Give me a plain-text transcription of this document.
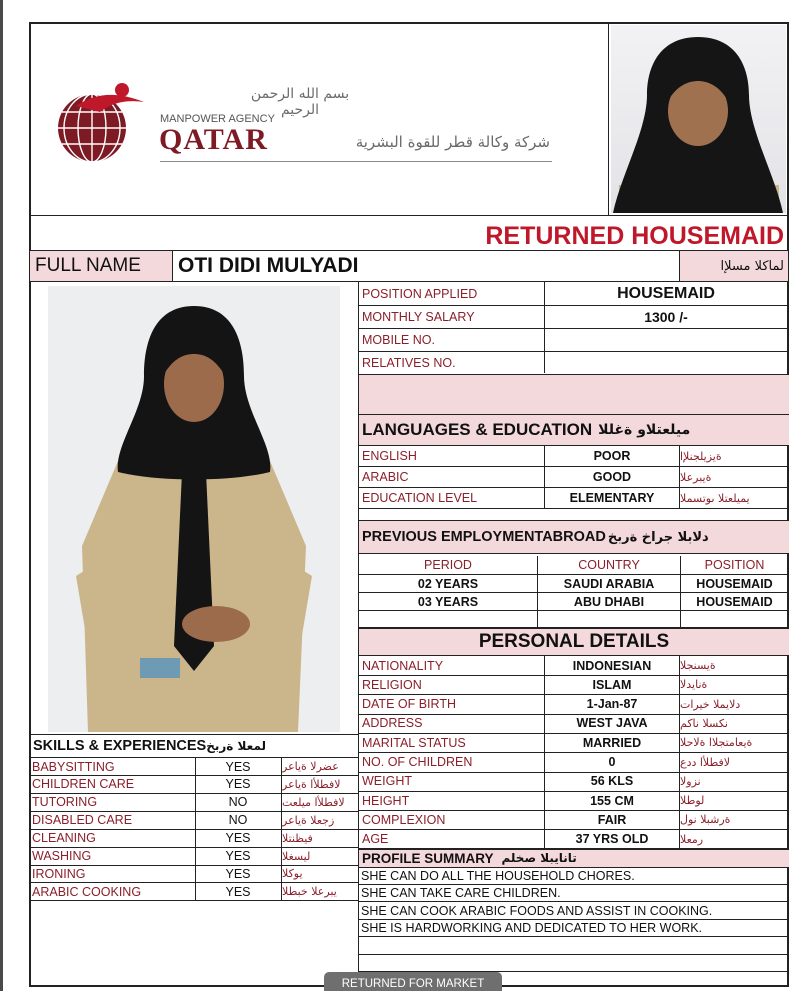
بسم الله الرحمن الرحيم
MANPOWER AGENCY
QATAR	شركة وكالة قطر للقوة البشرية
RETURNED HOUSEMAID
FULL NAME	OTI DIDI MULYADI	لماكلا مسلإا
LANGUAGES & EDUCATION ميلعتلاو ةغللا
PREVIOUS EMPLOYMENTABROAD دلابلا جراخ ةربخ
PERSONAL DETAILS
SKILLS & EXPERIENCES لمعلا ةربخ
PROFILE SUMMARY تانايبلا صخلم
RETURNED FOR MARKET
POSITION APPLIED	HOUSEMAID
MONTHLY SALARY	1300 /-
MOBILE NO.
RELATIVES NO.
ENGLISH	POOR	ةيزيلجنلإا
ARABIC	GOOD	ةيبرعلا
EDUCATION LEVEL	ELEMENTARY	يميلعتلا ىوتسملا
PERIOD	COUNTRY	POSITION
02 YEARS	SAUDI ARABIA	HOUSEMAID
03 YEARS	ABU DHABI	HOUSEMAID
NATIONALITY	INDONESIAN	ةيسنجلا
RELIGION	ISLAM	ةنايدلا
DATE OF BIRTH	1-Jan-87	دلايملا خيرات
ADDRESS	WEST JAVA	نكسلا ناكم
MARITAL STATUS	MARRIED	ةيعامتجلاا ةلاحلا
NO. OF CHILDREN	0	لافطلأا ددع
WEIGHT	56 KLS	نزولا
HEIGHT	155 CM	لوطلا
COMPLEXION	FAIR	ةرشبلا نول
AGE	37 YRS OLD	رمعلا
BABYSITTING	YES	عضرلا ةياعر
CHILDREN CARE	YES	لافطلأا ةياعر
TUTORING	NO	لافطلأا ميلعت
DISABLED CARE	NO	زجعلا ةياعر
CLEANING	YES	فيظنتلا
WASHING	YES	ليسغلا
IRONING	YES	يوكلا
ARABIC COOKING	YES	يبرعلا خبطلا
SHE CAN DO ALL THE HOUSEHOLD CHORES.
SHE CAN TAKE CARE CHILDREN.
SHE CAN COOK ARABIC FOODS AND ASSIST IN COOKING.
SHE IS HARDWORKING AND DEDICATED TO HER WORK.
